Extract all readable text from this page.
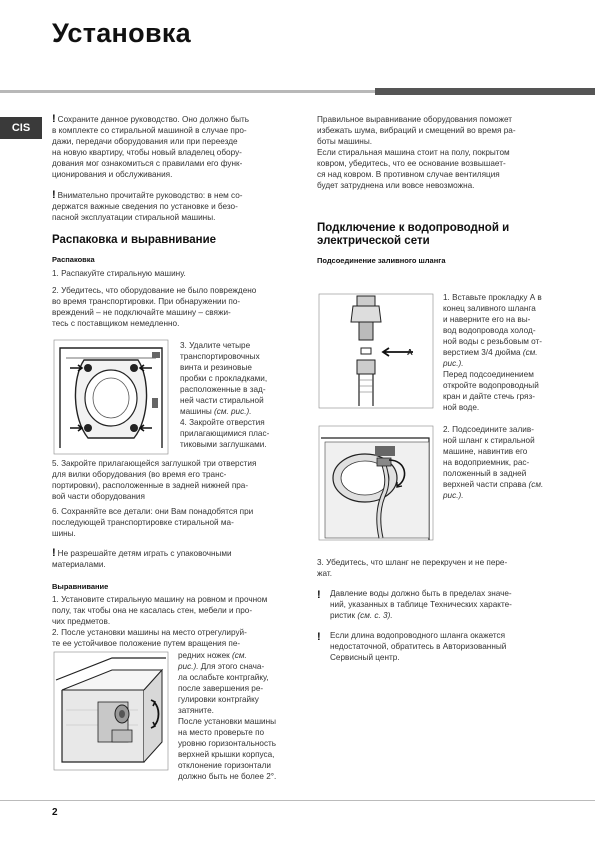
Установка
CIS
! Сохраните данное руководство. Оно должно быть
в комплекте со стиральной машиной в случае про-
дажи, передачи оборудования или при переезде
на новую квартиру, чтобы новый владелец обору-
дования мог ознакомиться с правилами его функ-
ционирования и обслуживания.
! Внимательно прочитайте руководство: в нем со-
держатся важные сведения по установке и безо-
пасной эксплуатации стиральной машины.
Распаковка и выравнивание
Распаковка
1. Распакуйте стиральную машину.
2. Убедитесь, что оборудование не было повреждено
во время транспортировки. При обнаружении по-
вреждений – не подключайте машину – свяжи-
тесь с поставщиком немедленно.
3. Удалите четыре
транспортировочных
винта и резиновые
пробки с прокладками,
расположенные в зад-
ней части стиральной
машины (см. рис.).
4. Закройте отверстия
прилагающимися плас-
тиковыми заглушками.
5. Закройте прилагающейся заглушкой три отверстия
для вилки оборудования (во время его транс-
портировки), расположенные в задней нижней пра-
вой части оборудования
6. Сохраняйте все детали: они Вам понадобятся при
последующей транспортировке стиральной ма-
шины.
! Не разрешайте детям играть с упаковочными
материалами.
Выравнивание
1. Установите стиральную машину на ровном и прочном
полу, так чтобы она не касалась стен, мебели и про-
чих предметов.
2. После установки машины на место отрегулируй-
те ее устойчивое положение путем вращения пе-
редних ножек (см.
рис.). Для этого снача-
ла ослабьте контргайку,
после завершения ре-
гулировки контргайку
затяните.
После установки машины
на место проверьте по
уровню горизонтальность
верхней крышки корпуса,
отклонение горизонтали
должно быть не более 2°.
Правильное выравнивание оборудования поможет
избежать шума, вибраций и смещений во время ра-
боты машины.
Если стиральная машина стоит на полу, покрытом
ковром, убедитесь, что ее основание возвышает-
ся над ковром. В противном случае вентиляция
будет затруднена или вовсе невозможна.
Подключение к водопроводной и
электрической сети
Подсоединение заливного шланга
A
1. Вставьте прокладку А в
конец заливного шланга
и наверните его на вы-
вод водопровода холод-
ной воды с резьбовым от-
верстием 3/4 дюйма (см.
рис.).
Перед подсоединением
откройте водопроводный
кран и дайте стечь гряз-
ной воде.
2. Подсоедините залив-
ной шланг к стиральной
машине, навинтив его
на водоприемник, рас-
положенный в задней
верхней части справа (см. рис.).
3. Убедитесь, что шланг не перекручен и не пере-
жат.
! Давление воды должно быть в пределах значе-
ний, указанных в таблице Технических характе-
ристик (см. с. 3).
! Если длина водопроводного шланга окажется
недостаточной, обратитесь в Авторизованный
Сервисный центр.
2
